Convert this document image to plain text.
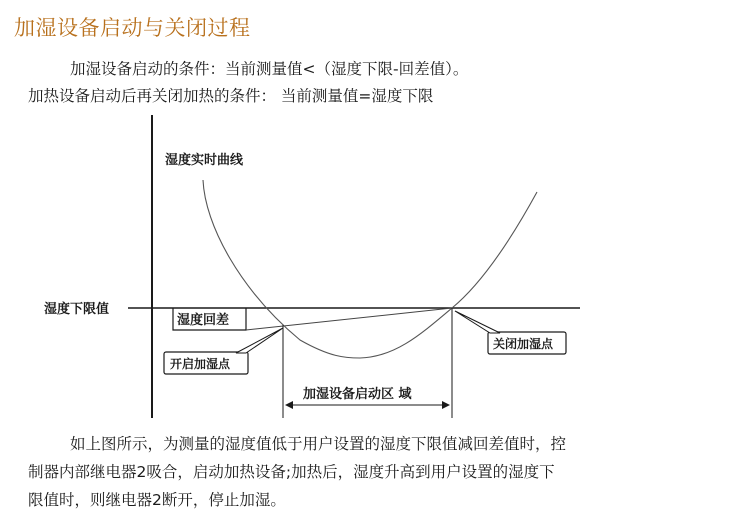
加湿设备启动与关闭过程
加湿设备启动的条件：当前测量值<（湿度下限-回差值）。
加热设备启动后再关闭加热的条件： 当前测量值=湿度下限
湿度实时曲线
湿度下限值
湿度回差
开启加湿点
关闭加湿点
加湿设备启动区 域
如上图所示，为测量的湿度值低于用户设置的湿度下限值减回差值时，控
制器内部继电器2吸合，启动加热设备;加热后，湿度升高到用户设置的湿度下
限值时，则继电器2断开，停止加湿。
